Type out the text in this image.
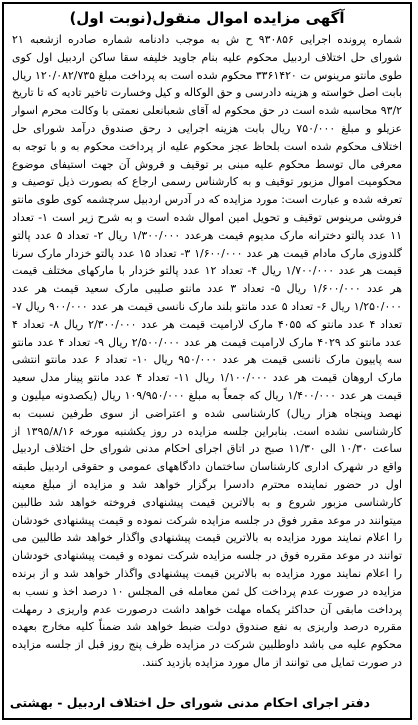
آگهی مزایده اموال منقول(نوبت اول)

شماره پرونده اجرایی ۹۳۰۸۵۶ ح ش به موجب دادنامه شماره صادره ازشعبه ۲۱ شورای حل اختلاف اردبیل محکوم علیه بنام جاوید خلیفه سقا ساکن اردبیل اول کوی طوی مانتو مرینوس ت ۳۳۶۱۴۲۰ محکوم شده است به پرداخت مبلغ ۱۲۰/۰۸۲/۷۳۵ ریال بابت اصل خواسته و هزینه دادرسی و حق الوکاله و کیل وخسارت تاخیر تادیه که تا تاریخ ۹۳/۲ محاسبه شده است در حق محکوم له آقای شعبانعلی نعمتی با وکالت محرم اسوار عزیلو و مبلغ ۷۵۰/۰۰۰ ریال بابت هزینه اجرایی د رحق صندوق درآمد شورای حل اختلاف محکوم شده است بلحاظ عجز محکوم علیه از پرداخت محکوم به و با توجه به معرفی مال توسط محکوم علیه مبنی بر توقیف و فروش آن جهت استیفای موضوع محکومیت اموال مزبور توقیف و به کارشناس رسمی ارجاع که بصورت ذیل توصیف و تعرفه شده و عبارت است: مورد مزایده که در آدرس اردبیل سرچشمه کوی طوی مانتو فروشی مرینوس توقیف و تحویل امین اموال شده است و به شرح زیر است ۱- تعداد ۱۱ عدد پالتو دخترانه مارک مدیوم قیمت هرعدد ۱/۳۰۰/۰۰۰ ریال ۲- تعداد ۵ عدد پالتو گلدوزی مارک مادام قیمت هر عدد ۱/۶۰۰/۰۰۰ ۳- تعداد ۱۵ عدد پالتو خزدار مارک سرنا قیمت هر عدد ۱/۷۰۰/۰۰۰ ریال ۴- تعداد ۱۲ عدد پالتو خزدار با مارکهای مختلف قیمت هر عدد ۱/۶۰۰/۰۰۰ ریال ۵- تعداد ۳ عدد مانتو صلیبی مارک سعید قیمت هر عدد ۱/۲۵۰/۰۰۰ ریال ۶- تعداد ۵ عدد مانتو بلند مارک نانسی قیمت هر عدد ۹۰۰/۰۰۰ ریال ۷- تعداد ۴ عدد مانتو که ۴۰۵۵ مارک لارامیت قیمت هر عدد ۲/۳۰۰/۰۰۰ ریال ۸- تعداد ۴ عدد مانتو کد ۴۰۲۹ مارک لارامیت قیمت هر عدد ۲/۵۰۰/۰۰۰ ریال ۹- تعداد ۴ عدد مانتو سه پاییون مارک نانسی قیمت هر عدد ۹۵۰/۰۰۰ ریال ۱۰- تعداد ۶ عدد مانتو انتشی مارک اروهان قیمت هر عدد ۱/۱۰۰/۰۰۰ ریال ۱۱- تعداد ۴ عدد مانتو پینار مدل سعید قیمت هر عدد ۱/۴۰۰/۰۰۰ ریال که جمعاً به مبلغ ۱۰۹/۹۵۰/۰۰۰ ریال (یکصدونه میلیون و نهصد وپنجاه هزار ریال) کارشناسی شده و اعتراضی از سوی طرفین نسبت به کارشناسی نشده است. بنابراین جلسه مزایده در روز یکشنبه مورخه ۱۳۹۵/۸/۱۶ از ساعت ۱۰/۳۰ الی ۱۱/۳۰ صبح در اتاق اجرای احکام مدنی شورای حل اختلاف اردبیل واقع در شهرک اداری کارشناسان ساختمان دادگاههای عمومی و حقوقی اردبیل طبقه اول در حضور نماینده محترم دادسرا برگزار خواهد شد و مزایده از مبلغ معینه کارشناسی مزبور شروع و به بالاترین قیمت پیشنهادی فروخته خواهد شد طالبین میتوانند در موعد مقرر فوق در جلسه مزایده شرکت نموده و قیمت پیشنهادی خودشان را اعلام نمایند مورد مزایده به بالاترین قیمت پیشنهادی واگذار خواهد شد طالبین می توانند در موعد مقرره فوق در جلسه مزایده شرکت نموده و قیمت پیشنهادی خودشان را اعلام نمایند مورد مزایده به بالاترین قیمت پیشنهادی واگذار خواهد شد و از برنده مزایده در صورت عدم پرداخت کل ثمن معامله فی المجلس ۱۰ درصد اخذ و نسب به پرداخت مابقی آن حداکثر یکماه مهلت خواهد داشت درصورت عدم واریزی د رمهلت مقرره درصد واریزی به نفع صندوق دولت ضبط خواهد شد ضمناً کلیه مخارج بعهده محکوم علیه می باشد داوطلبین شرکت در مزایده ظرف پنج روز قبل از جلسه مزایده در صورت تمایل می توانند از مال مورد مزایده بازدید کنند.

دفتر اجرای احکام مدنی شورای حل اختلاف اردبیل - بهشتی
